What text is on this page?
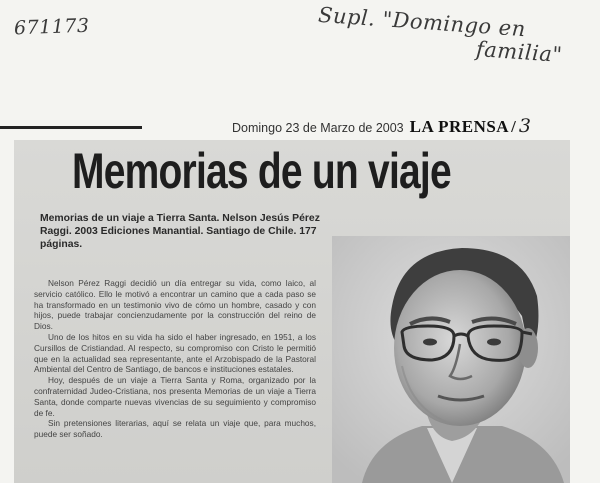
671173	Supl. "Domingo en
familia"
Domingo 23 de Marzo de 2003 LA PRENSA / 3
Memorias de un viaje
Memorias de un viaje a Tierra Santa. Nelson Jesús Pérez Raggi. 2003 Ediciones Manantial. Santiago de Chile. 177 páginas.

Nelson Pérez Raggi decidió un día entregar su vida, como laico, al servicio católico. Ello le motivó a encontrar un camino que a cada paso se ha transformado en un testimonio vivo de cómo un hombre, casado y con hijos, puede trabajar concienzudamente por la construcción del reino de Dios.

Uno de los hitos en su vida ha sido el haber ingresado, en 1951, a los Cursillos de Cristiandad. Al respecto, su compromiso con Cristo le permitió que en la actualidad sea representante, ante el Arzobispado de la Pastoral Ambiental del Centro de Santiago, de bancos e instituciones estatales.

Hoy, después de un viaje a Tierra Santa y Roma, organizado por la confraternidad Judeo-Cristiana, nos presenta Memorias de un viaje a Tierra Santa, donde comparte nuevas vivencias de su seguimiento y compromiso de fe.

Sin pretensiones literarias, aquí se relata un viaje que, para muchos, puede ser soñado.
